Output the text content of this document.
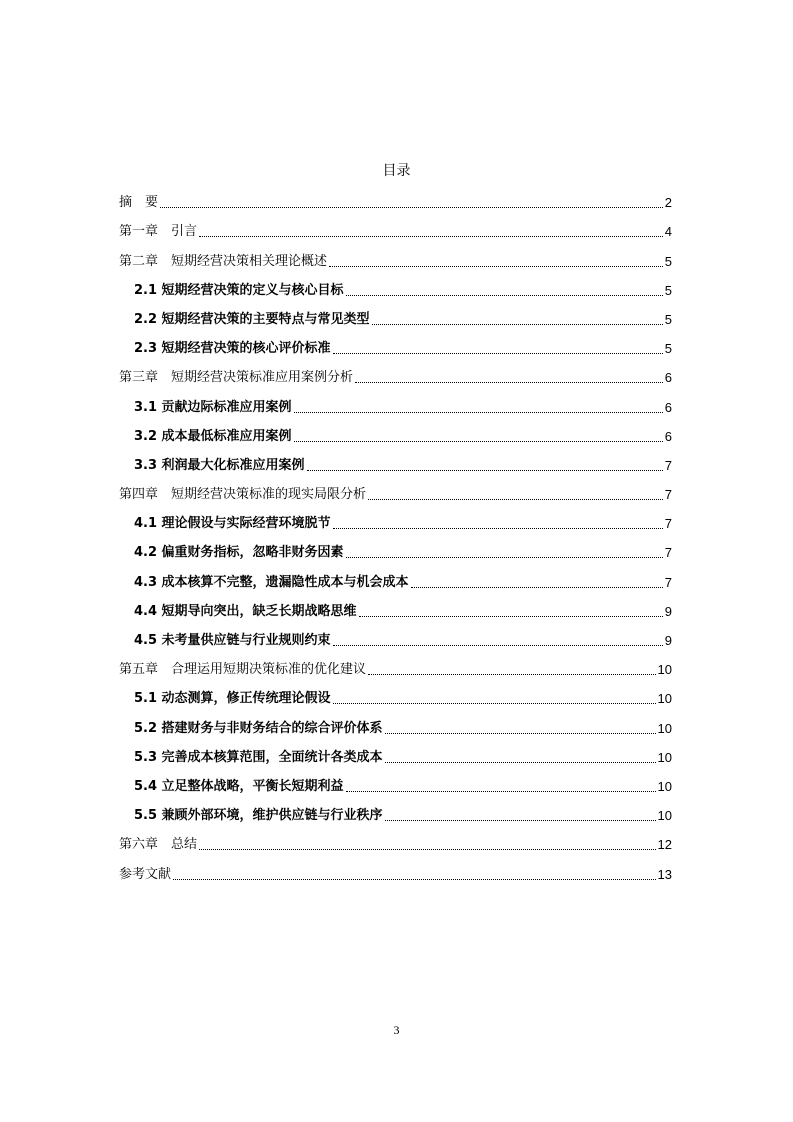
目录
摘　要	2
第一章　引言	4
第二章　短期经营决策相关理论概述	5
2.1 短期经营决策的定义与核心目标	5
2.2 短期经营决策的主要特点与常见类型	5
2.3 短期经营决策的核心评价标准	5
第三章　短期经营决策标准应用案例分析	6
3.1 贡献边际标准应用案例	6
3.2 成本最低标准应用案例	6
3.3 利润最大化标准应用案例	7
第四章　短期经营决策标准的现实局限分析	7
4.1 理论假设与实际经营环境脱节	7
4.2 偏重财务指标，忽略非财务因素	7
4.3 成本核算不完整，遗漏隐性成本与机会成本	7
4.4 短期导向突出，缺乏长期战略思维	9
4.5 未考量供应链与行业规则约束	9
第五章　合理运用短期决策标准的优化建议	10
5.1 动态测算，修正传统理论假设	10
5.2 搭建财务与非财务结合的综合评价体系	10
5.3 完善成本核算范围，全面统计各类成本	10
5.4 立足整体战略，平衡长短期利益	10
5.5 兼顾外部环境，维护供应链与行业秩序	10
第六章　总结	12
参考文献	13
3
